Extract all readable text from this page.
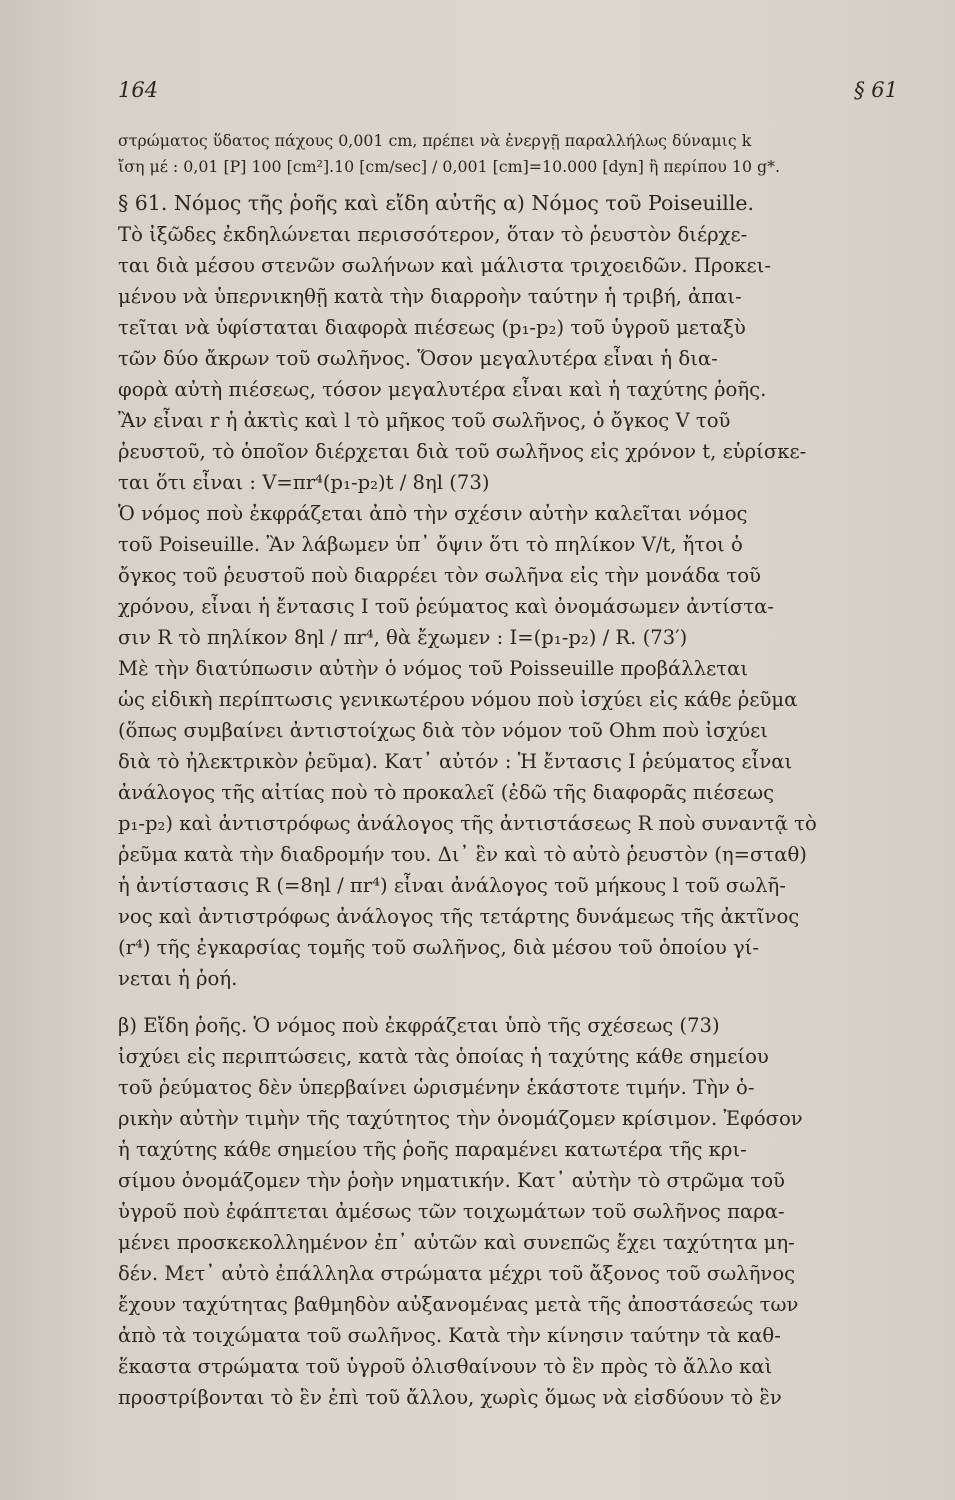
164	§ 61
στρώματος ὕδατος πάχους 0,001 cm, πρέπει νὰ ἐνεργῇ παραλλήλως δύναμις k
ἴση μέ : 0,01 [P] 100 [cm²].10 [cm/sec] / 0,001 [cm]=10.000 [dyn] ἢ περίπου 10 g*.
§ 61. Νόμος τῆς ῥοῆς καὶ εἴδη αὐτῆς α) Νόμος τοῦ Poiseuille.
Τὸ ἰξῶδες ἐκδηλώνεται περισσότερον, ὅταν τὸ ῥευστὸν διέρχε-
ται διὰ μέσου στενῶν σωλήνων καὶ μάλιστα τριχοειδῶν. Προκει-
μένου νὰ ὑπερνικηθῇ κατὰ τὴν διαρροὴν ταύτην ἡ τριβή, ἀπαι-
τεῖται νὰ ὑφίσταται διαφορὰ πιέσεως (p₁-p₂) τοῦ ὑγροῦ μεταξὺ
τῶν δύο ἄκρων τοῦ σωλῆνος. Ὅσον μεγαλυτέρα εἶναι ἡ δια-
φορὰ αὐτὴ πιέσεως, τόσον μεγαλυτέρα εἶναι καὶ ἡ ταχύτης ῥοῆς.
Ἂν εἶναι r ἡ ἀκτὶς καὶ l τὸ μῆκος τοῦ σωλῆνος, ὁ ὄγκος V τοῦ
ῥευστοῦ, τὸ ὁποῖον διέρχεται διὰ τοῦ σωλῆνος εἰς χρόνον t, εὑρίσκε-
ται ὅτι εἶναι : V=πr⁴(p₁-p₂)t / 8ηl (73)
Ὁ νόμος ποὺ ἐκφράζεται ἀπὸ τὴν σχέσιν αὐτὴν καλεῖται νόμος
τοῦ Poiseuille. Ἂν λάβωμεν ὑπ᾽ ὄψιν ὅτι τὸ πηλίκον V/t, ἤτοι ὁ
ὄγκος τοῦ ῥευστοῦ ποὺ διαρρέει τὸν σωλῆνα εἰς τὴν μονάδα τοῦ
χρόνου, εἶναι ἡ ἔντασις I τοῦ ῥεύματος καὶ ὀνομάσωμεν ἀντίστα-
σιν R τὸ πηλίκον 8ηl / πr⁴, θὰ ἔχωμεν : I=(p₁-p₂) / R. (73′)
Μὲ τὴν διατύπωσιν αὐτὴν ὁ νόμος τοῦ Poisseuille προβάλλεται
ὡς εἰδικὴ περίπτωσις γενικωτέρου νόμου ποὺ ἰσχύει εἰς κάθε ῥεῦμα
(ὅπως συμβαίνει ἀντιστοίχως διὰ τὸν νόμον τοῦ Ohm ποὺ ἰσχύει
διὰ τὸ ἠλεκτρικὸν ῥεῦμα). Κατ᾽ αὐτόν : Ἡ ἔντασις I ῥεύματος εἶναι
ἀνάλογος τῆς αἰτίας ποὺ τὸ προκαλεῖ (ἐδῶ τῆς διαφορᾶς πιέσεως
p₁-p₂) καὶ ἀντιστρόφως ἀνάλογος τῆς ἀντιστάσεως R ποὺ συναντᾷ τὸ
ῥεῦμα κατὰ τὴν διαδρομήν του. Δι᾽ ἓν καὶ τὸ αὐτὸ ῥευστὸν (η=σταθ)
ἡ ἀντίστασις R (=8ηl / πr⁴) εἶναι ἀνάλογος τοῦ μήκους l τοῦ σωλῆ-
νος καὶ ἀντιστρόφως ἀνάλογος τῆς τετάρτης δυνάμεως τῆς ἀκτῖνος
(r⁴) τῆς ἐγκαρσίας τομῆς τοῦ σωλῆνος, διὰ μέσου τοῦ ὁποίου γί-
νεται ἡ ῥοή.
β) Εἴδη ῥοῆς. Ὁ νόμος ποὺ ἐκφράζεται ὑπὸ τῆς σχέσεως (73)
ἰσχύει εἰς περιπτώσεις, κατὰ τὰς ὁποίας ἡ ταχύτης κάθε σημείου
τοῦ ῥεύματος δὲν ὑπερβαίνει ὡρισμένην ἑκάστοτε τιμήν. Τὴν ὁ-
ρικὴν αὐτὴν τιμὴν τῆς ταχύτητος τὴν ὀνομάζομεν κρίσιμον. Ἐφόσον
ἡ ταχύτης κάθε σημείου τῆς ῥοῆς παραμένει κατωτέρα τῆς κρι-
σίμου ὀνομάζομεν τὴν ῥοὴν νηματικήν. Κατ᾽ αὐτὴν τὸ στρῶμα τοῦ
ὑγροῦ ποὺ ἐφάπτεται ἀμέσως τῶν τοιχωμάτων τοῦ σωλῆνος παρα-
μένει προσκεκολλημένον ἐπ᾽ αὐτῶν καὶ συνεπῶς ἔχει ταχύτητα μη-
δέν. Μετ᾽ αὐτὸ ἐπάλληλα στρώματα μέχρι τοῦ ἄξονος τοῦ σωλῆνος
ἔχουν ταχύτητας βαθμηδὸν αὐξανομένας μετὰ τῆς ἀποστάσεώς των
ἀπὸ τὰ τοιχώματα τοῦ σωλῆνος. Κατὰ τὴν κίνησιν ταύτην τὰ καθ-
ἕκαστα στρώματα τοῦ ὑγροῦ ὀλισθαίνουν τὸ ἓν πρὸς τὸ ἄλλο καὶ
προστρίβονται τὸ ἓν ἐπὶ τοῦ ἄλλου, χωρὶς ὅμως νὰ εἰσδύουν τὸ ἓν
